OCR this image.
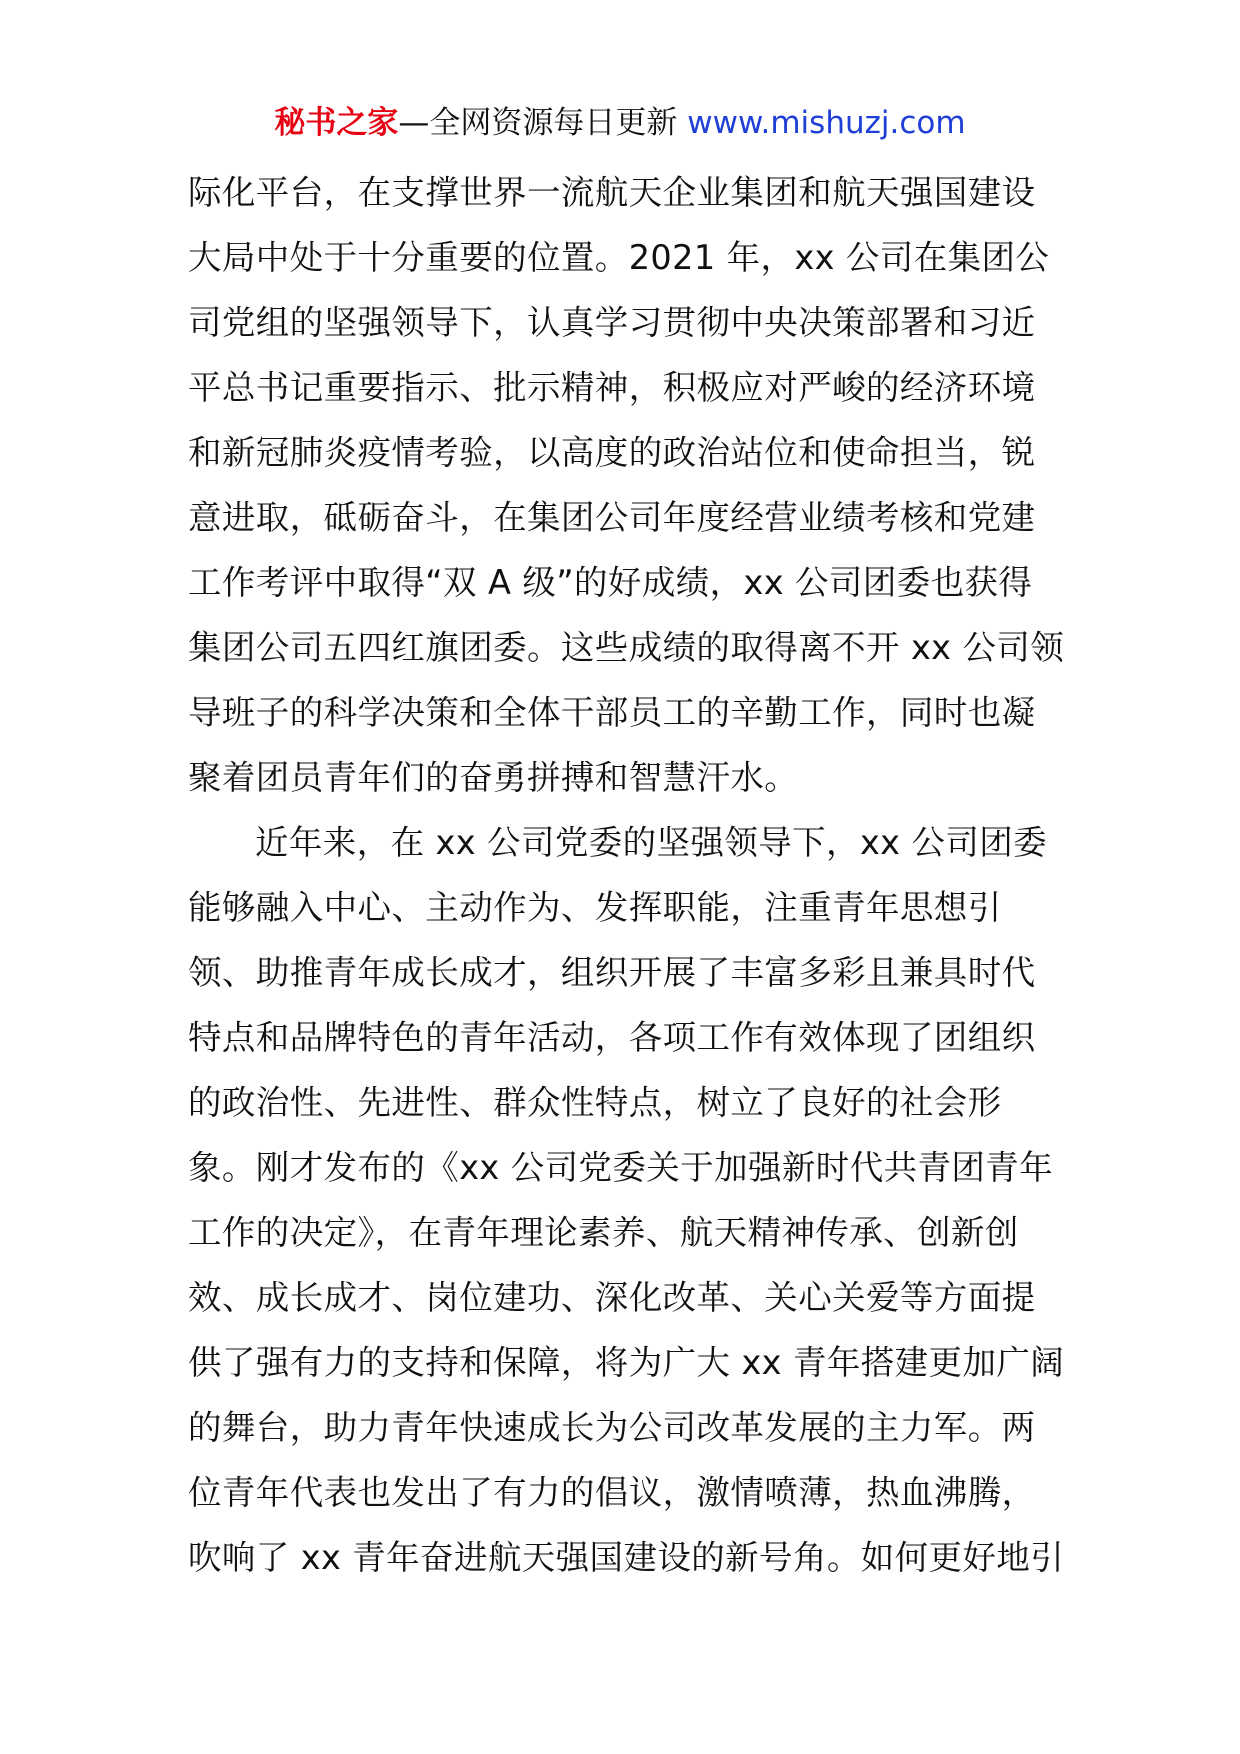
秘书之家—全网资源每日更新 www.mishuzj.com
际化平台，在支撑世界一流航天企业集团和航天强国建设
大局中处于十分重要的位置。2021 年，xx 公司在集团公
司党组的坚强领导下，认真学习贯彻中央决策部署和习近
平总书记重要指示、批示精神，积极应对严峻的经济环境
和新冠肺炎疫情考验，以高度的政治站位和使命担当，锐
意进取，砥砺奋斗，在集团公司年度经营业绩考核和党建
工作考评中取得“双 A 级”的好成绩，xx 公司团委也获得
集团公司五四红旗团委。这些成绩的取得离不开 xx 公司领
导班子的科学决策和全体干部员工的辛勤工作，同时也凝
聚着团员青年们的奋勇拼搏和智慧汗水。
近年来，在 xx 公司党委的坚强领导下，xx 公司团委
能够融入中心、主动作为、发挥职能，注重青年思想引
领、助推青年成长成才，组织开展了丰富多彩且兼具时代
特点和品牌特色的青年活动，各项工作有效体现了团组织
的政治性、先进性、群众性特点，树立了良好的社会形
象。刚才发布的《xx 公司党委关于加强新时代共青团青年
工作的决定》，在青年理论素养、航天精神传承、创新创
效、成长成才、岗位建功、深化改革、关心关爱等方面提
供了强有力的支持和保障，将为广大 xx 青年搭建更加广阔
的舞台，助力青年快速成长为公司改革发展的主力军。两
位青年代表也发出了有力的倡议，激情喷薄，热血沸腾，
吹响了 xx 青年奋进航天强国建设的新号角。如何更好地引
